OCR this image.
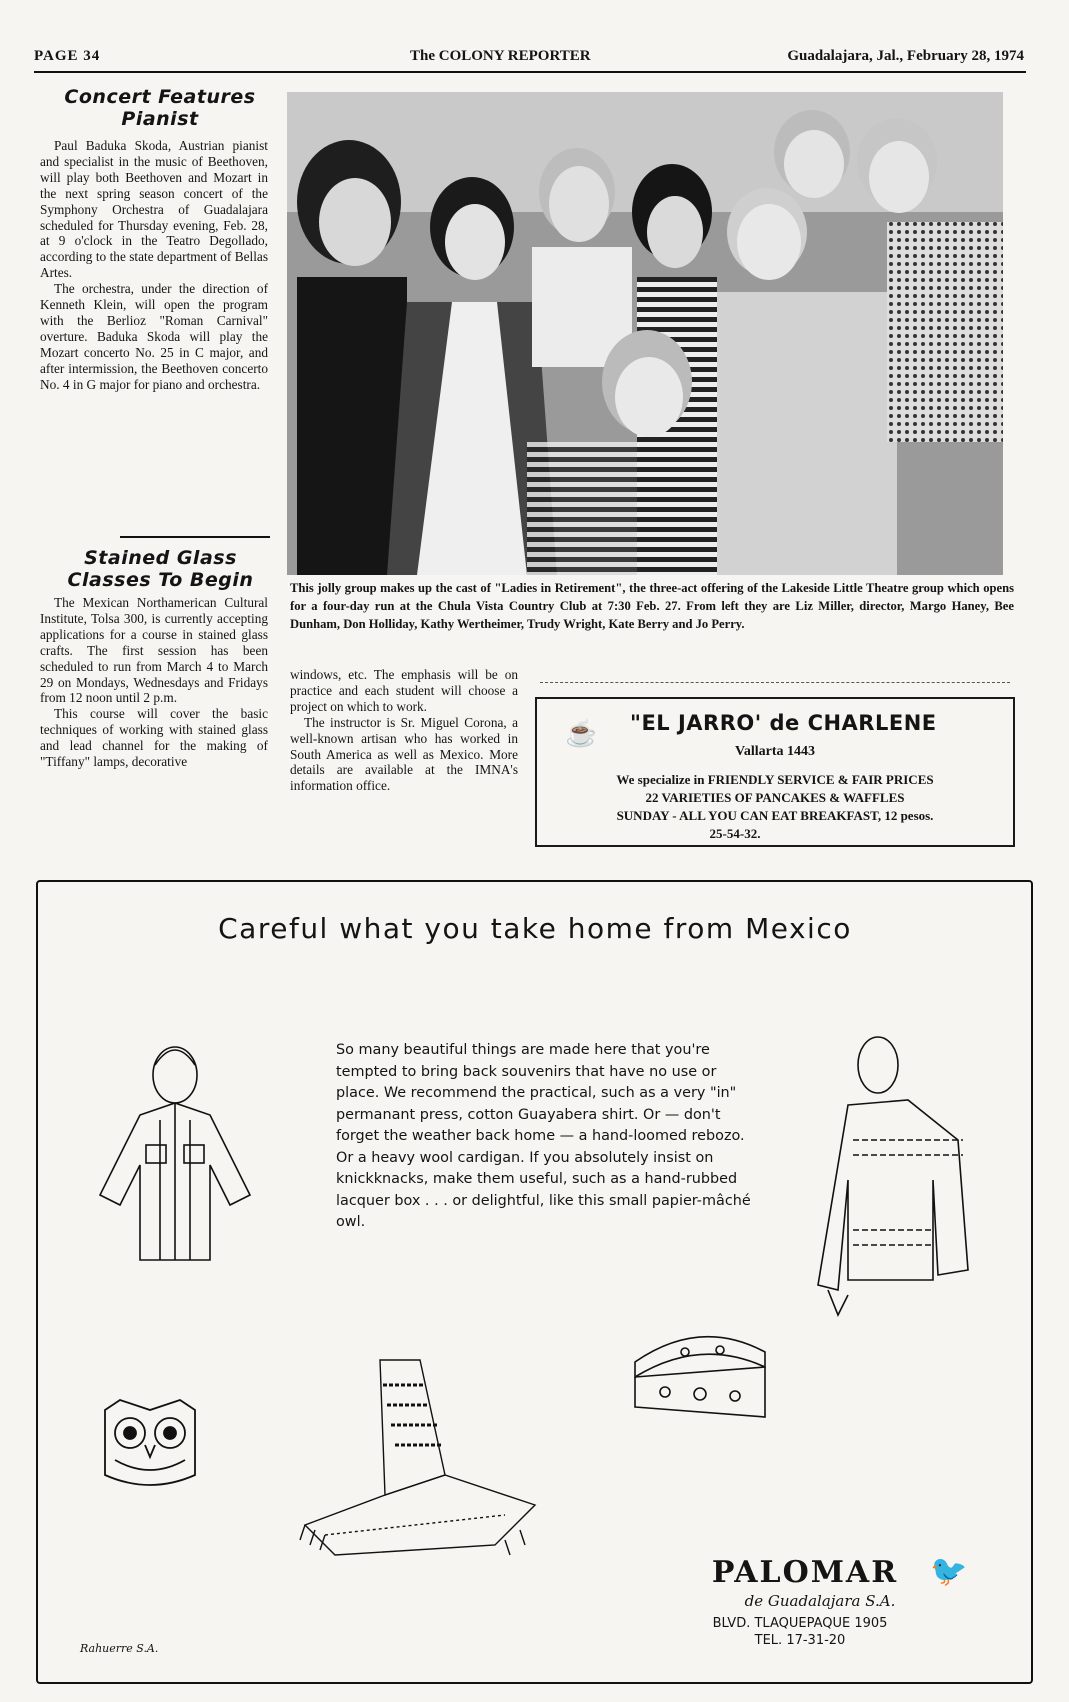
PAGE 34	The COLONY REPORTER	Guadalajara, Jal., February 28, 1974
Concert Features Pianist

Paul Baduka Skoda, Austrian pianist and specialist in the music of Beethoven, will play both Beethoven and Mozart in the next spring season concert of the Symphony Orchestra of Guadalajara scheduled for Thursday evening, Feb. 28, at 9 o'clock in the Teatro Degollado, according to the state department of Bellas Artes.

The orchestra, under the direction of Kenneth Klein, will open the program with the Berlioz "Roman Carnival" overture. Baduka Skoda will play the Mozart concerto No. 25 in C major, and after intermission, the Beethoven concerto No. 4 in G major for piano and orchestra.

Stained Glass Classes To Begin

The Mexican Northamerican Cultural Institute, Tolsa 300, is currently accepting applications for a course in stained glass crafts. The first session has been scheduled to run from March 4 to March 29 on Mondays, Wednesdays and Fridays from 12 noon until 2 p.m.

This course will cover the basic techniques of working with stained glass and lead channel for the making of "Tiffany" lamps, decorative

windows, etc. The emphasis will be on practice and each student will choose a project on which to work.

The instructor is Sr. Miguel Corona, a well-known artisan who has worked in South America as well as Mexico. More details are available at the IMNA's information office.

This jolly group makes up the cast of "Ladies in Retirement", the three-act offering of the Lakeside Little Theatre group which opens for a four-day run at the Chula Vista Country Club at 7:30 Feb. 27. From left they are Liz Miller, director, Margo Haney, Bee Dunham, Don Holliday, Kathy Wertheimer, Trudy Wright, Kate Berry and Jo Perry.
☕ "EL JARRO' de CHARLENE
Vallarta 1443
We specialize in FRIENDLY SERVICE & FAIR PRICES
22 VARIETIES OF PANCAKES & WAFFLES
SUNDAY - ALL YOU CAN EAT BREAKFAST, 12 pesos.
25-54-32.
Careful what you take home from Mexico
So many beautiful things are made here that you're tempted to bring back souvenirs that have no use or place. We recommend the practical, such as a very "in" permanant press, cotton Guayabera shirt. Or — don't forget the weather back home — a hand-loomed rebozo. Or a heavy wool cardigan. If you absolutely insist on knickknacks, make them useful, such as a hand-rubbed lacquer box . . . or delightful, like this small papier-mâché owl.
🐦
PALOMAR
de Guadalajara S.A.
BLVD. TLAQUEPAQUE 1905
TEL. 17-31-20
Rahuerre S.A.
